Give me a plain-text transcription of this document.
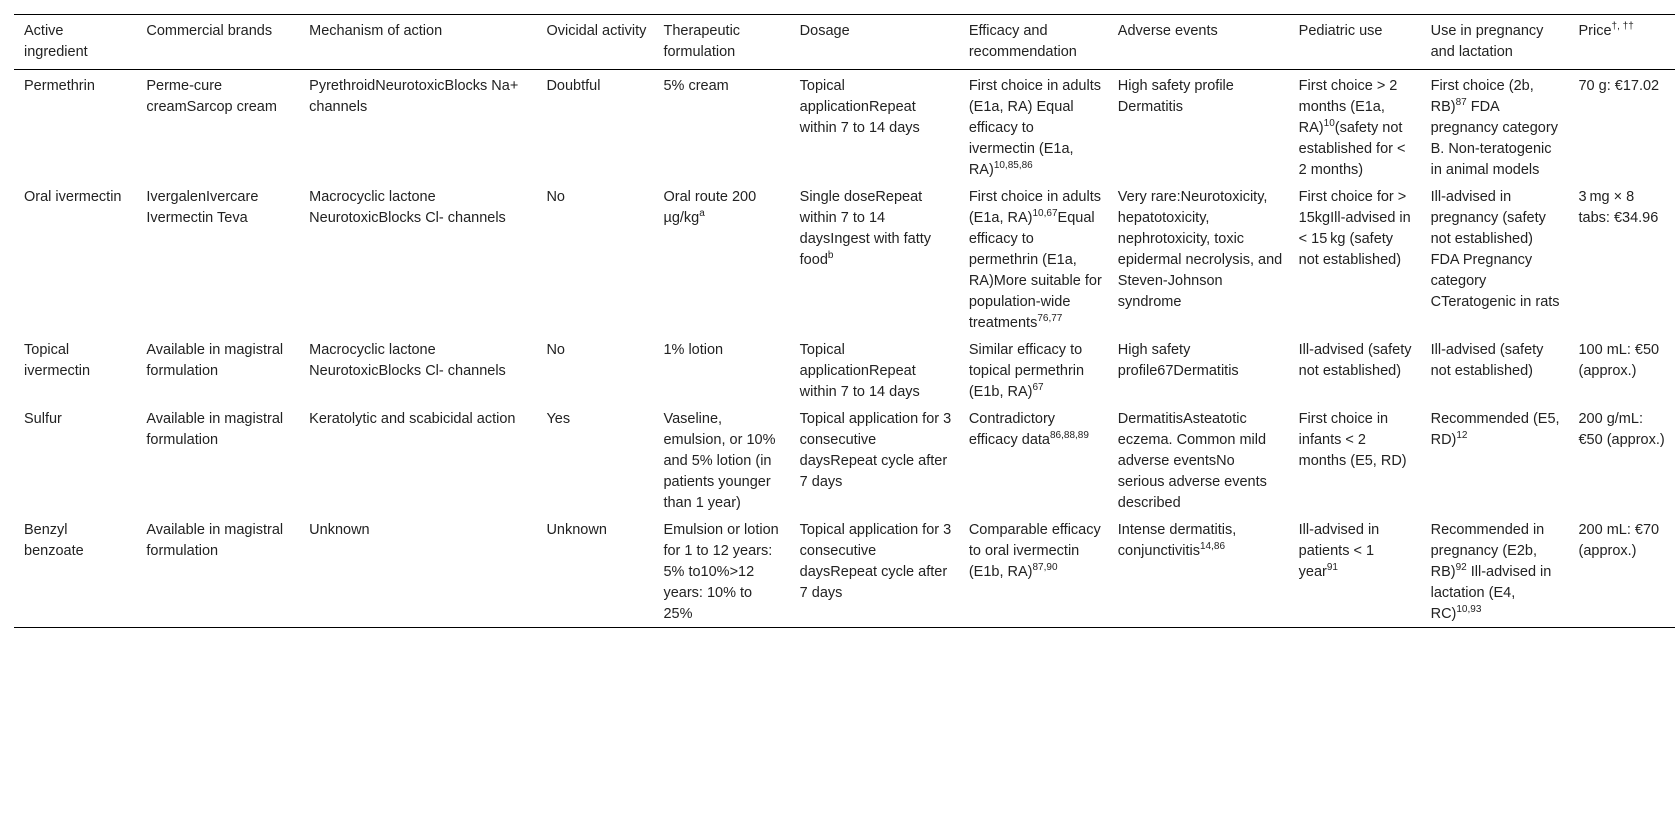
Active ingredient	Commercial brands	Mechanism of action	Ovicidal activity	Therapeutic formulation	Dosage	Efficacy and recommendation	Adverse events	Pediatric use	Use in pregnancy and lactation	Price†, ††
Permethrin	Perme-cure creamSarcop cream	PyrethroidNeurotoxicBlocks Na+ channels	Doubtful	5% cream	Topical applicationRepeat within 7 to 14 days	First choice in adults (E1a, RA) Equal efficacy to ivermectin (E1a, RA)$^{10,85,86}$	High safety profile Dermatitis	First choice > 2 months (E1a, RA)$^{10}$(safety not established for < 2 months)	First choice (2b, RB)$^{87}$ FDA pregnancy category B. Non-teratogenic in animal models	70 g: €17.02
Oral ivermectin	IvergalenIvercare Ivermectin Teva	Macrocyclic lactone NeurotoxicBlocks Cl- channels	No	Oral route 200 $\mu g/kg^a$	Single doseRepeat within 7 to 14 daysIngest with fatty food$^b$	First choice in adults (E1a, RA)$^{10,67}$Equal efficacy to permethrin (E1a, RA)More suitable for population-wide treatments$^{76,77}$	Very rare:Neurotoxicity, hepatotoxicity, nephrotoxicity, toxic epidermal necrolysis, and Steven-Johnson syndrome	First choice for > 15kgIll-advised in < 15 kg (safety not established)	Ill-advised in pregnancy (safety not established) FDA Pregnancy category CTeratogenic in rats	3 mg × 8 tabs: €34.96
Topical ivermectin	Available in magistral formulation	Macrocyclic lactone NeurotoxicBlocks Cl- channels	No	1% lotion	Topical applicationRepeat within 7 to 14 days	Similar efficacy to topical permethrin (E1b, RA)$^{67}$	High safety profile67Dermatitis	Ill-advised (safety not established)	Ill-advised (safety not established)	100 mL: €50 (approx.)
Sulfur	Available in magistral formulation	Keratolytic and scabicidal action	Yes	Vaseline, emulsion, or 10% and 5% lotion (in patients younger than 1 year)	Topical application for 3 consecutive daysRepeat cycle after 7 days	Contradictory efficacy data$^{86,88,89}$	DermatitisAsteatotic eczema. Common mild adverse eventsNo serious adverse events described	First choice in infants < 2 months (E5, RD)	Recommended (E5, RD)$^{12}$	200 g/mL: €50 (approx.)
Benzyl benzoate	Available in magistral formulation	Unknown	Unknown	Emulsion or lotion for 1 to 12 years: 5% to10%>12 years: 10% to 25%	Topical application for 3 consecutive daysRepeat cycle after 7 days	Comparable efficacy to oral ivermectin (E1b, RA)$^{87,90}$	Intense dermatitis, conjunctivitis$^{14,86}$	Ill-advised in patients < 1 year$^{91}$	Recommended in pregnancy (E2b, RB)$^{92}$ Ill-advised in lactation (E4, RC)$^{10,93}$	200 mL: €70 (approx.)
